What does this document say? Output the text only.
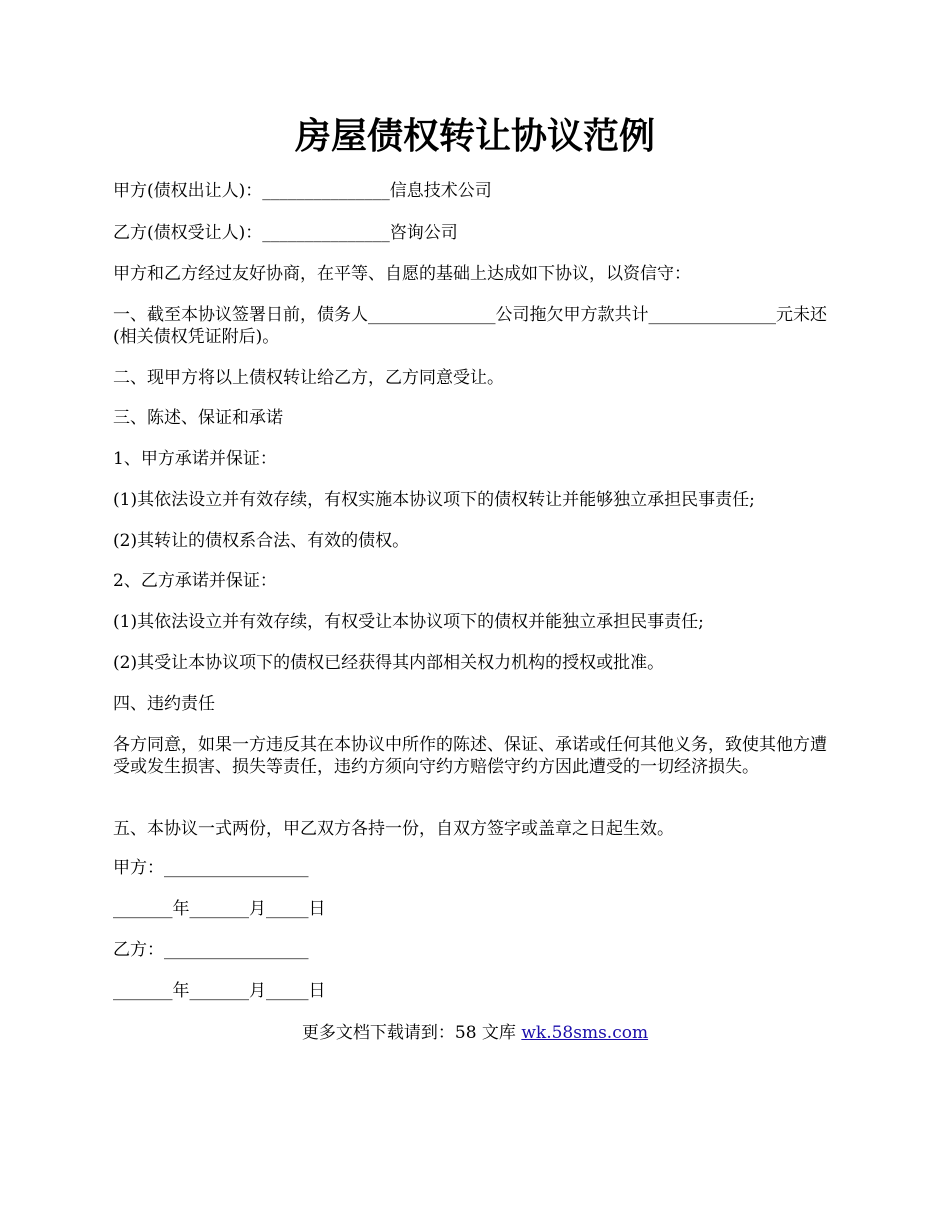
房屋债权转让协议范例

甲方(债权出让人)：_______________信息技术公司

乙方(债权受让人)：_______________咨询公司

甲方和乙方经过友好协商，在平等、自愿的基础上达成如下协议，以资信守：

一、截至本协议签署日前，债务人_______________公司拖欠甲方款共计_______________元未还(相关债权凭证附后)。

二、现甲方将以上债权转让给乙方，乙方同意受让。

三、陈述、保证和承诺

1、甲方承诺并保证：

(1)其依法设立并有效存续，有权实施本协议项下的债权转让并能够独立承担民事责任;

(2)其转让的债权系合法、有效的债权。

2、乙方承诺并保证：

(1)其依法设立并有效存续，有权受让本协议项下的债权并能独立承担民事责任;

(2)其受让本协议项下的债权已经获得其内部相关权力机构的授权或批准。

四、违约责任

各方同意，如果一方违反其在本协议中所作的陈述、保证、承诺或任何其他义务，致使其他方遭受或发生损害、损失等责任，违约方须向守约方赔偿守约方因此遭受的一切经济损失。

五、本协议一式两份，甲乙双方各持一份，自双方签字或盖章之日起生效。

甲方：_________________

_______年_______月_____日

乙方：_________________

_______年_______月_____日

更多文档下载请到：58 文库 wk.58sms.com
